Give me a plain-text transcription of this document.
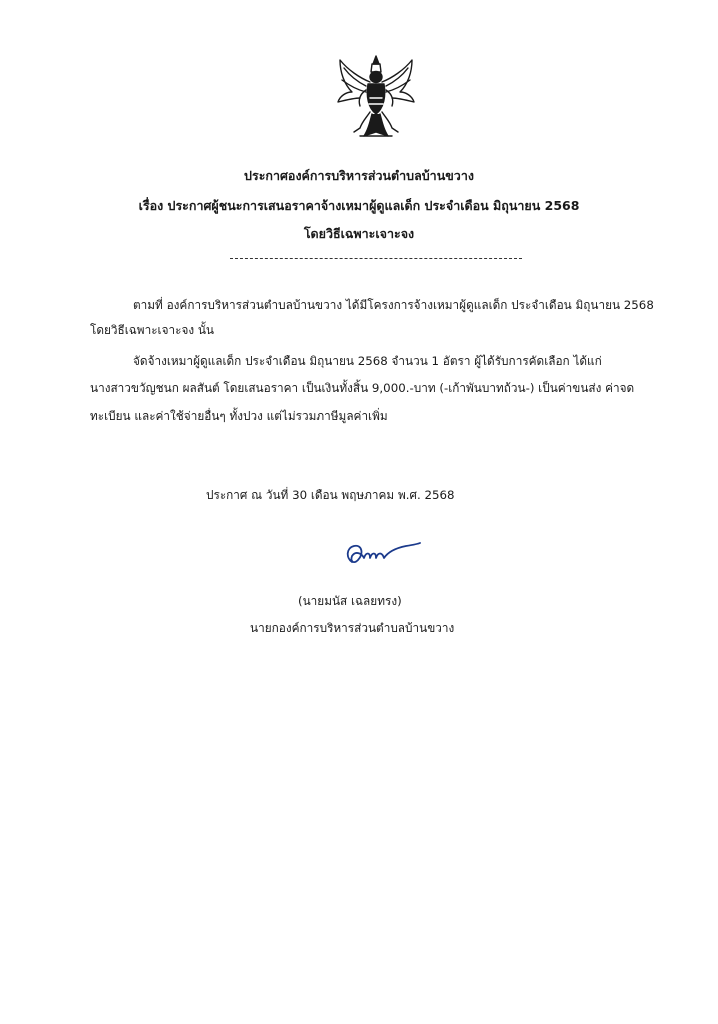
ประกาศองค์การบริหารส่วนตำบลบ้านขวาง
เรื่อง ประกาศผู้ชนะการเสนอราคาจ้างเหมาผู้ดูแลเด็ก ประจำเดือน มิถุนายน 2568
โดยวิธีเฉพาะเจาะจง
ตามที่ องค์การบริหารส่วนตำบลบ้านขวาง ได้มีโครงการจ้างเหมาผู้ดูแลเด็ก ประจำเดือน มิถุนายน 2568
โดยวิธีเฉพาะเจาะจง นั้น
จัดจ้างเหมาผู้ดูแลเด็ก ประจำเดือน มิถุนายน 2568 จำนวน 1 อัตรา ผู้ได้รับการคัดเลือก ได้แก่
นางสาวขวัญชนก ผลสันต์ โดยเสนอราคา เป็นเงินทั้งสิ้น 9,000.-บาท (-เก้าพันบาทถ้วน-) เป็นค่าขนส่ง ค่าจด
ทะเบียน และค่าใช้จ่ายอื่นๆ ทั้งปวง แต่ไม่รวมภาษีมูลค่าเพิ่ม
ประกาศ ณ วันที่ 30 เดือน พฤษภาคม พ.ศ. 2568
(นายมนัส เฉลยทรง)
นายกองค์การบริหารส่วนตำบลบ้านขวาง
